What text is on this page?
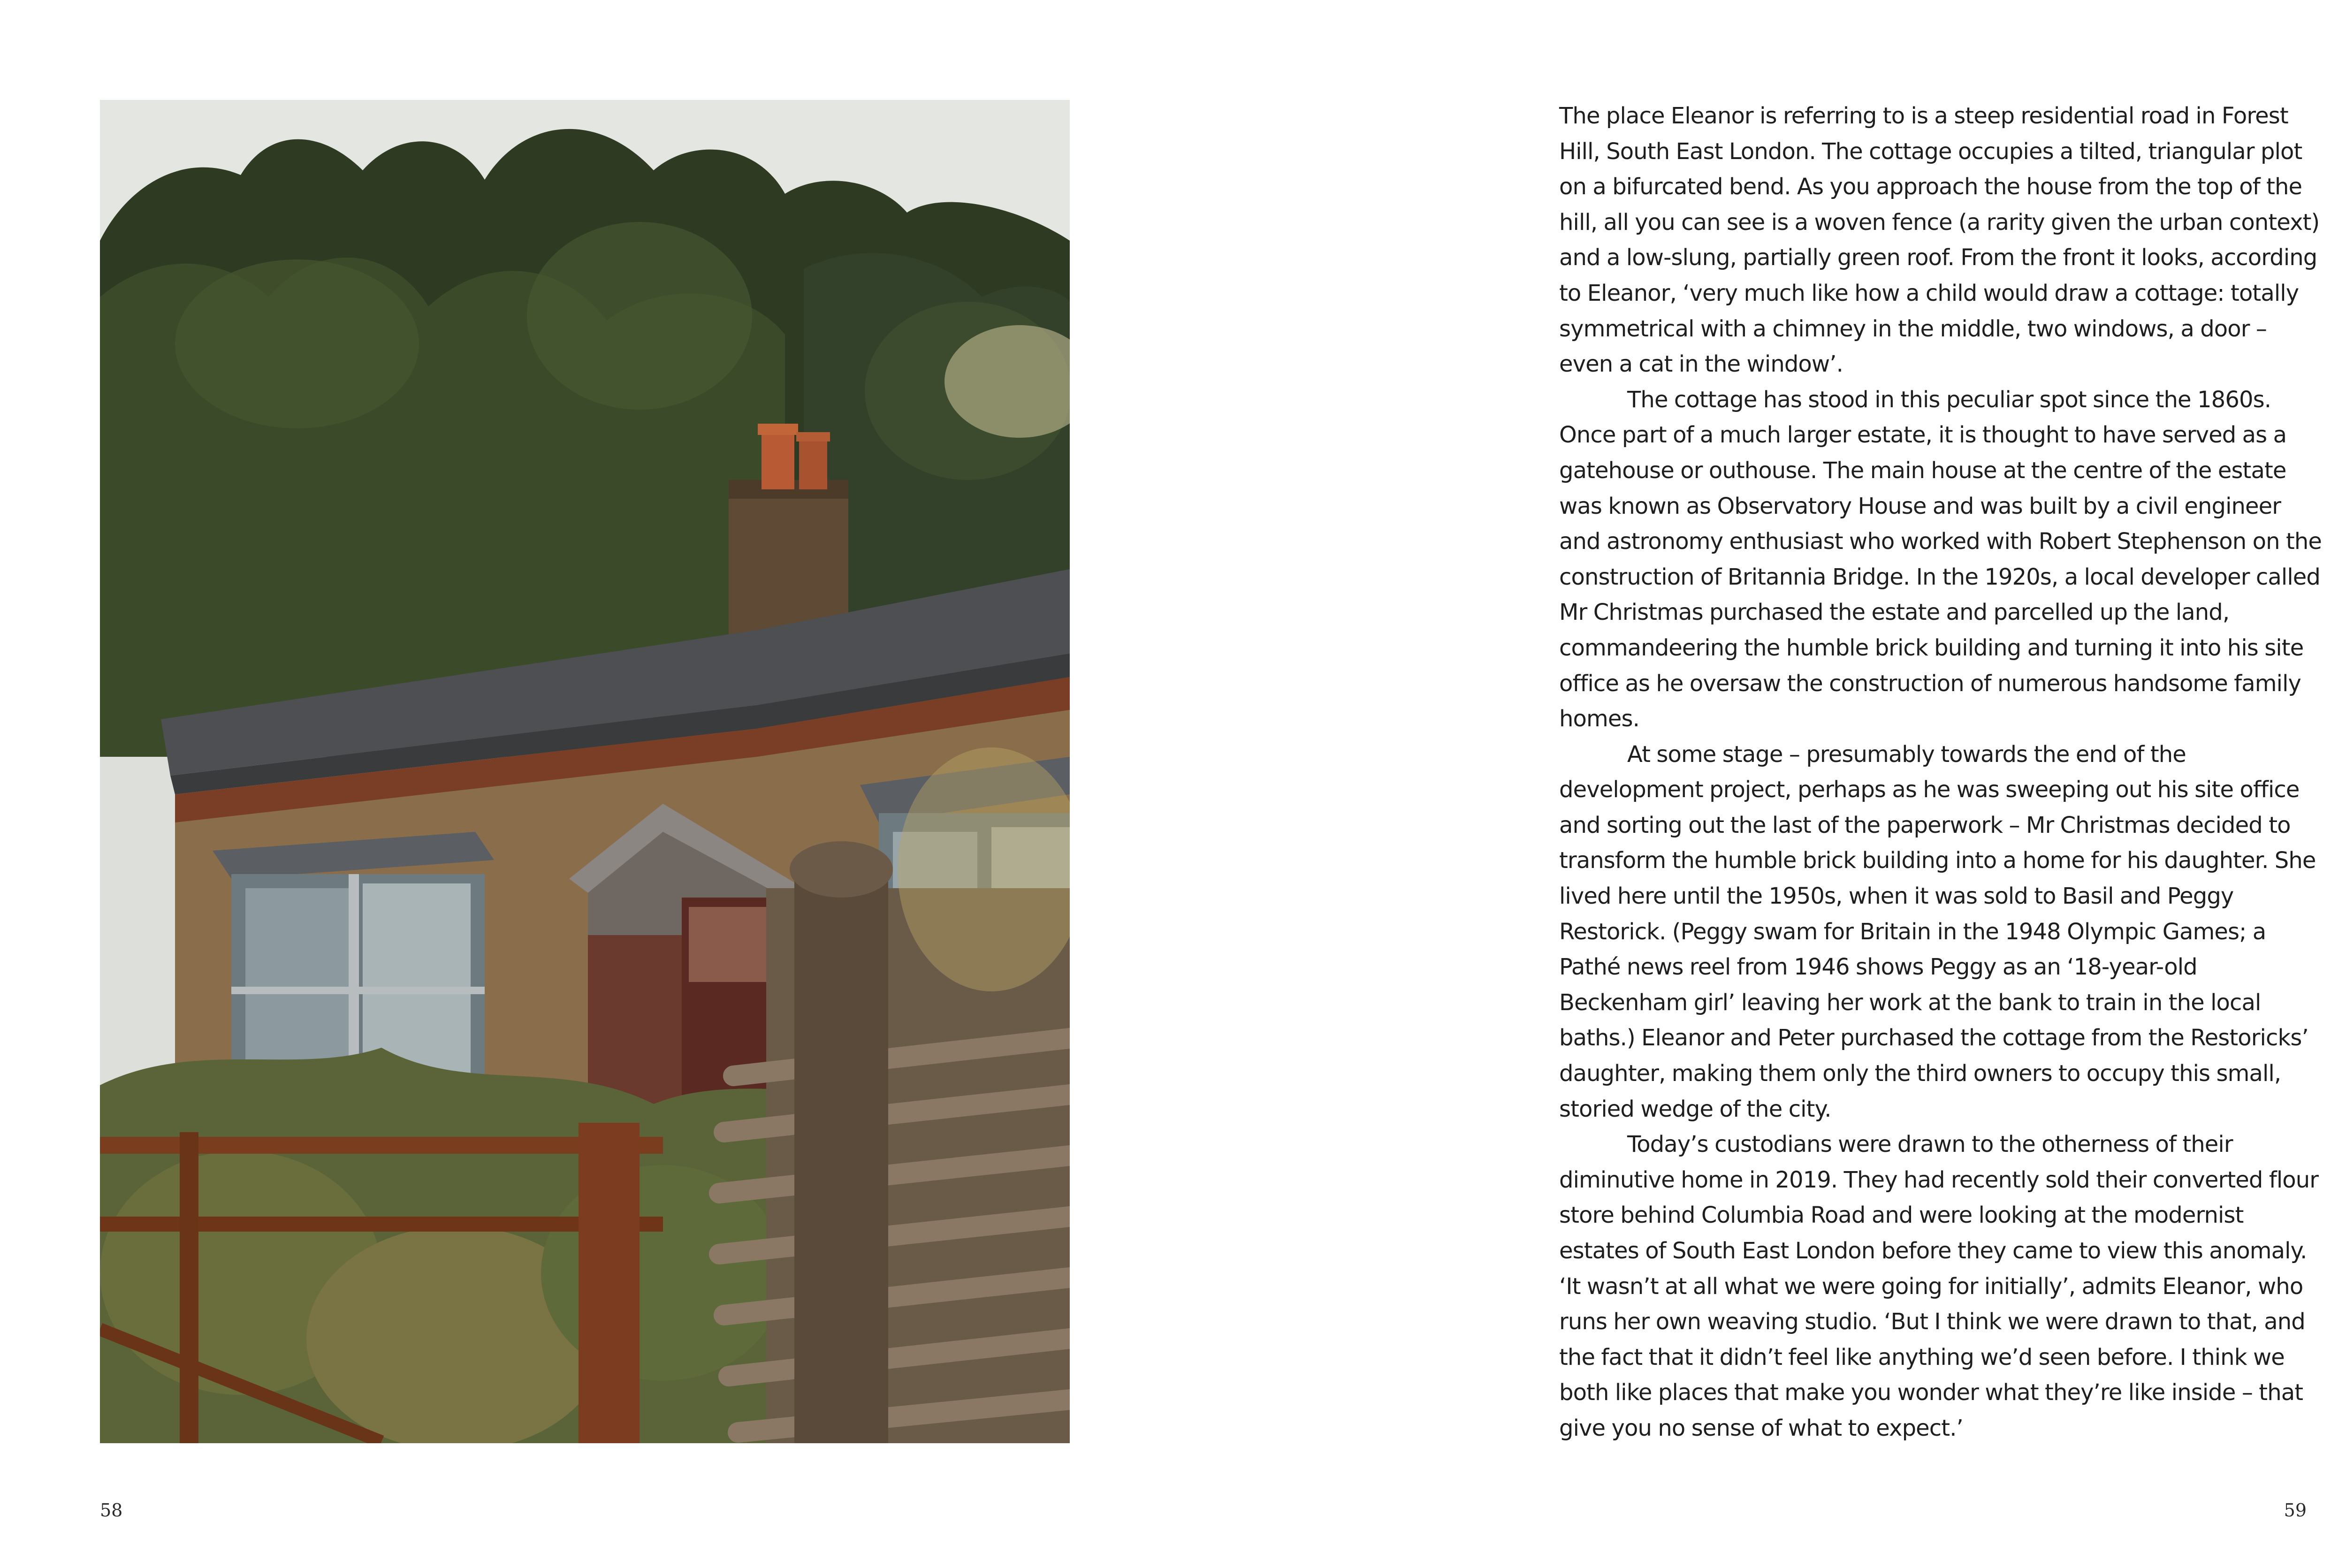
The place Eleanor is referring to is a steep residential road in Forest Hill, South East London. The cottage occupies a tilted, triangular plot on a bifurcated bend. As you approach the house from the top of the hill, all you can see is a woven fence (a rarity given the urban context) and a low-slung, partially green roof. From the front it looks, according to Eleanor, ‘very much like how a child would draw a cottage: totally symmetrical with a chimney in the middle, two windows, a door – even a cat in the window’.

The cottage has stood in this peculiar spot since the 1860s. Once part of a much larger estate, it is thought to have served as a gatehouse or outhouse. The main house at the centre of the estate was known as Observatory House and was built by a civil engineer and astronomy enthusiast who worked with Robert Stephenson on the construction of Britannia Bridge. In the 1920s, a local developer called Mr Christmas purchased the estate and parcelled up the land, commandeering the humble brick building and turning it into his site office as he oversaw the construction of numerous handsome family homes.

At some stage – presumably towards the end of the development project, perhaps as he was sweeping out his site office and sorting out the last of the paperwork – Mr Christmas decided to transform the humble brick building into a home for his daughter. She lived here until the 1950s, when it was sold to Basil and Peggy Restorick. (Peggy swam for Britain in the 1948 Olympic Games; a Pathé news reel from 1946 shows Peggy as an ‘18-year-old Beckenham girl’ leaving her work at the bank to train in the local baths.) Eleanor and Peter purchased the cottage from the Restoricks’ daughter, making them only the third owners to occupy this small, storied wedge of the city.

Today’s custodians were drawn to the otherness of their diminutive home in 2019. They had recently sold their converted flour store behind Columbia Road and were looking at the modernist estates of South East London before they came to view this anomaly. ‘It wasn’t at all what we were going for initially’, admits Eleanor, who runs her own weaving studio. ‘But I think we were drawn to that, and the fact that it didn’t feel like anything we’d seen before. I think we both like places that make you wonder what they’re like inside – that give you no sense of what to expect.’

58	59
